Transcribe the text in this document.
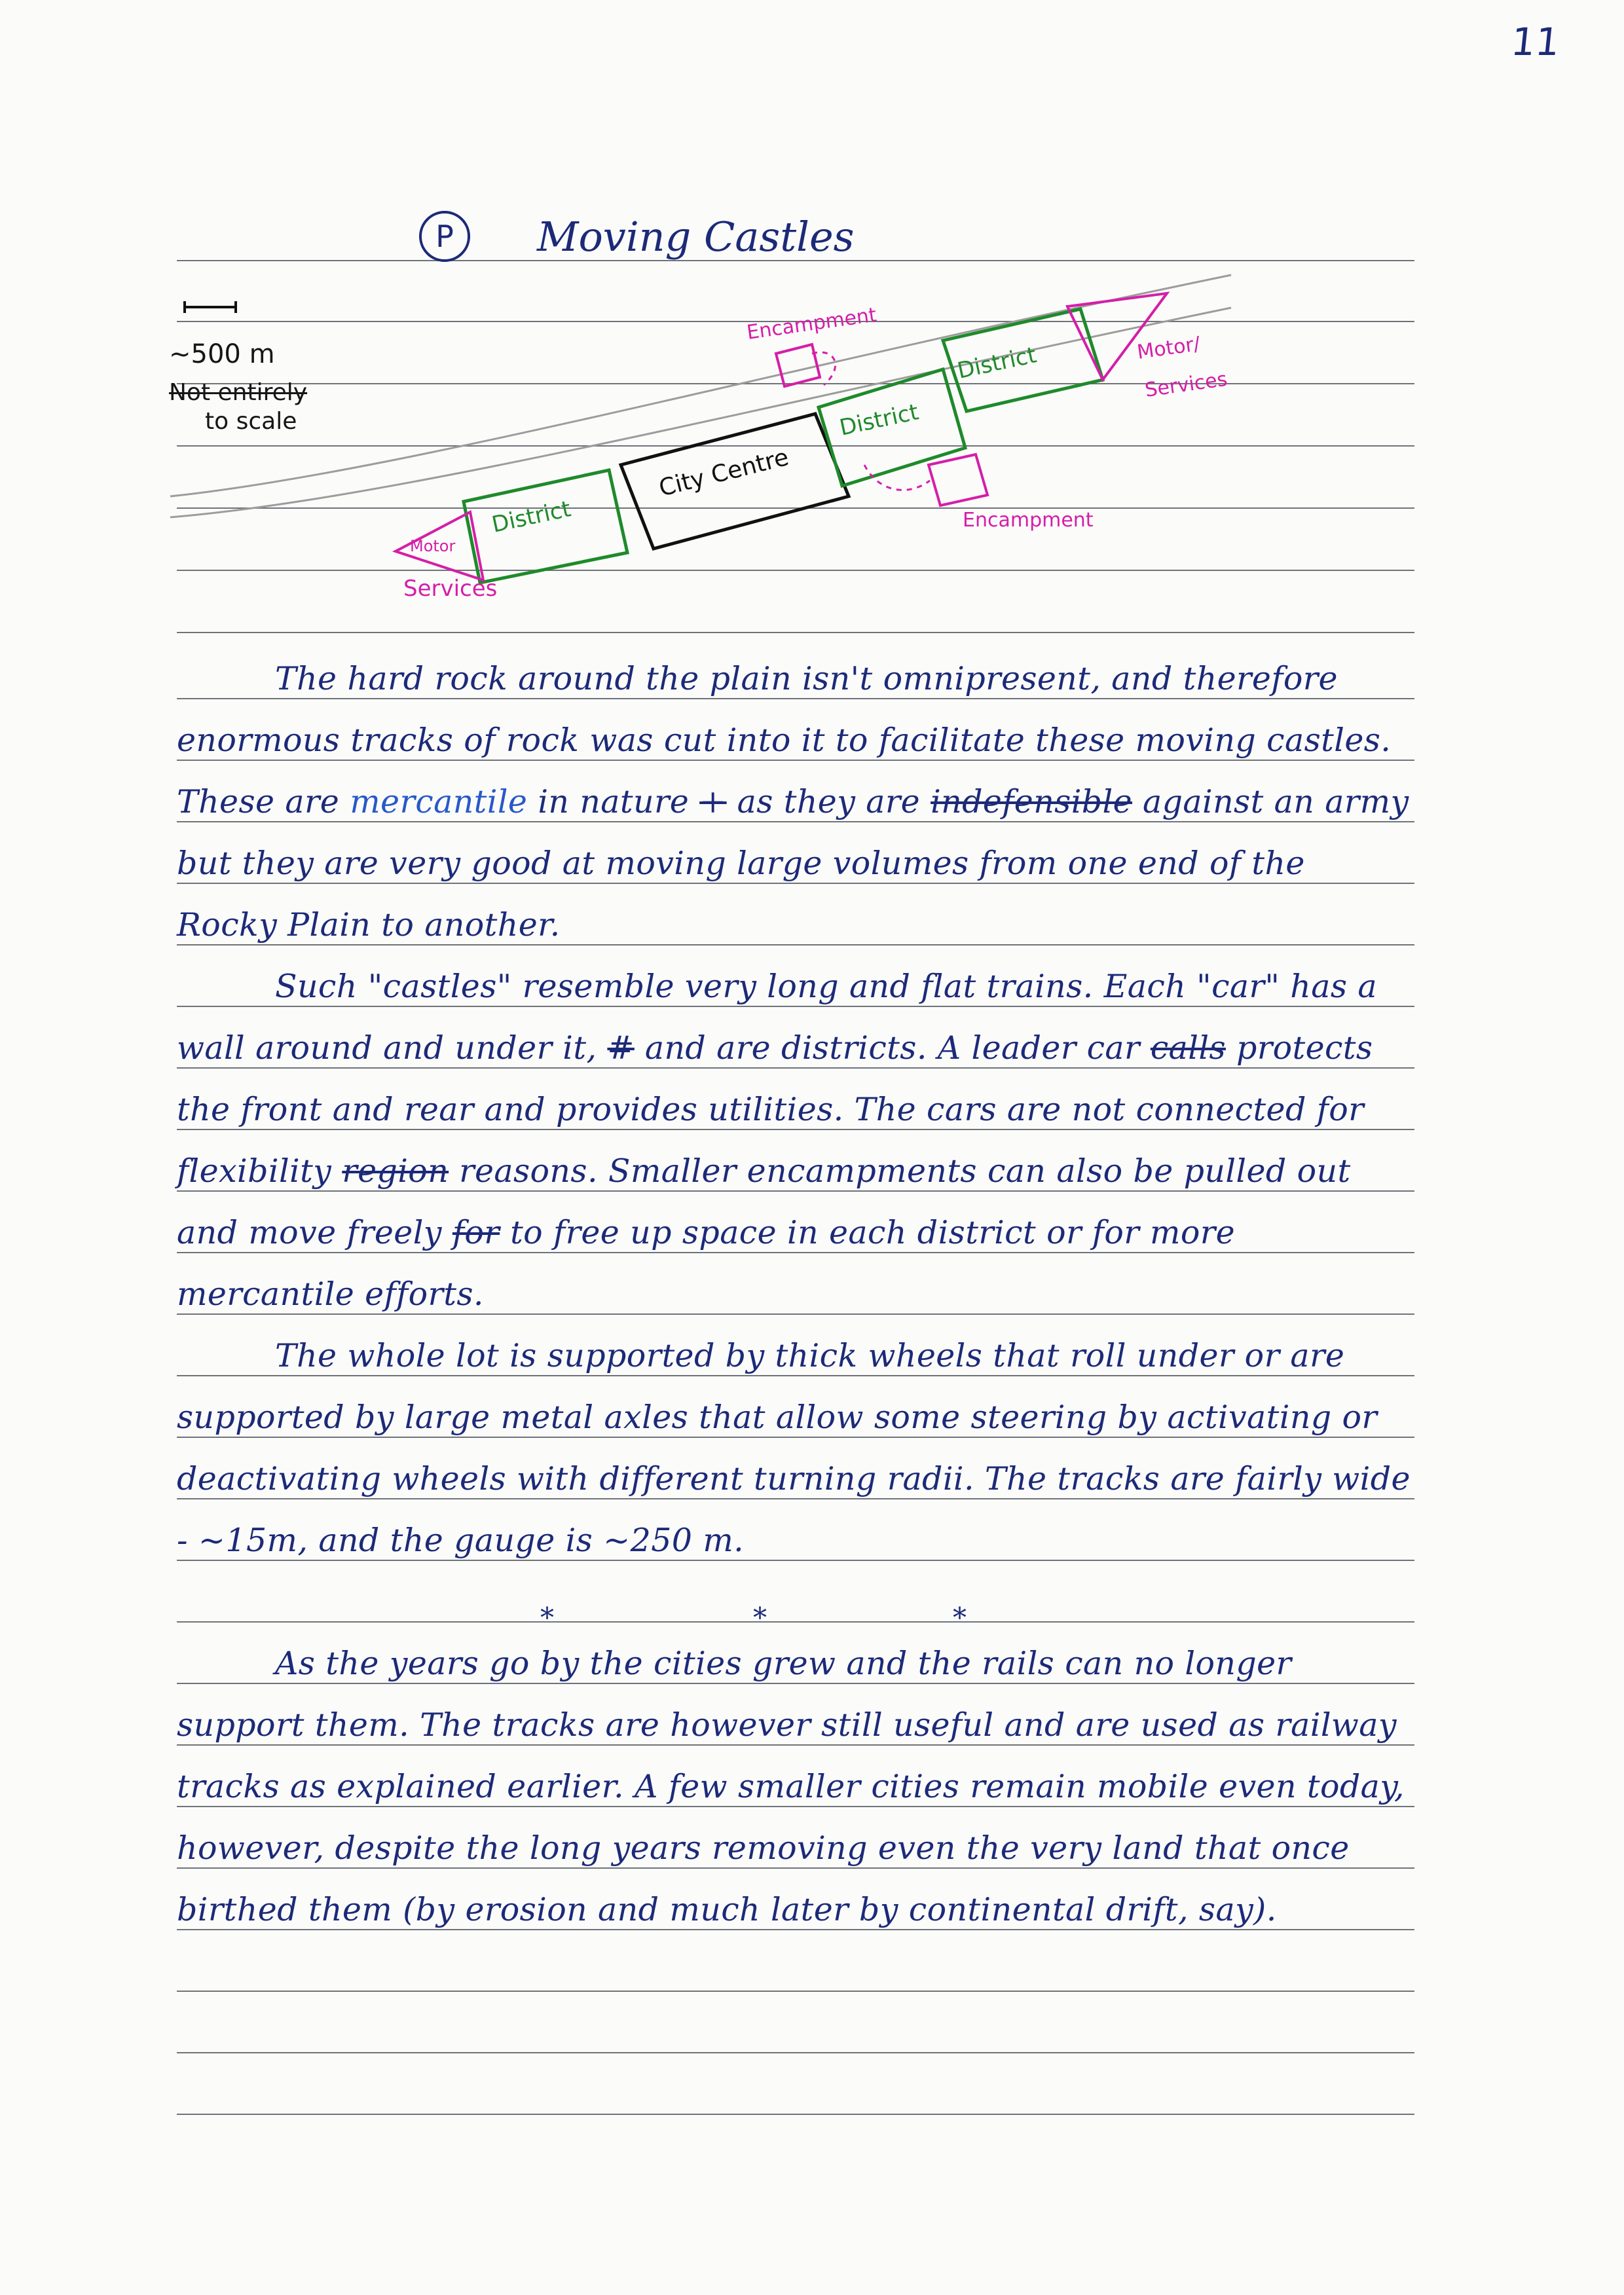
11
P	Moving Castles
~500 m
Not entirely
to scale
District
City Centre
District
District
Encampment
Encampment
Motor/
Services
Motor
Services

The hard rock around the plain isn't omnipresent, and therefore enormous tracks of rock was cut into it to facilitate these moving castles. These are mercantile in nature + as they are indefensible against an army but they are very good at moving large volumes from one end of the Rocky Plain to another.

Such "castles" resemble very long and flat trains. Each "car" has a wall around and under it, # and are districts. A leader car calls protects the front and rear and provides utilities. The cars are not connected for flexibility region reasons. Smaller encampments can also be pulled out and move freely for to free up space in each district or for more mercantile efforts.

The whole lot is supported by thick wheels that roll under or are supported by large metal axles that allow some steering by activating or deactivating wheels with different turning radii. The tracks are fairly wide - ~15m, and the gauge is ~250 m.

*	*	*

As the years go by the cities grew and the rails can no longer support them. The tracks are however still useful and are used as railway tracks as explained earlier. A few smaller cities remain mobile even today, however, despite the long years removing even the very land that once birthed them (by erosion and much later by continental drift, say).
